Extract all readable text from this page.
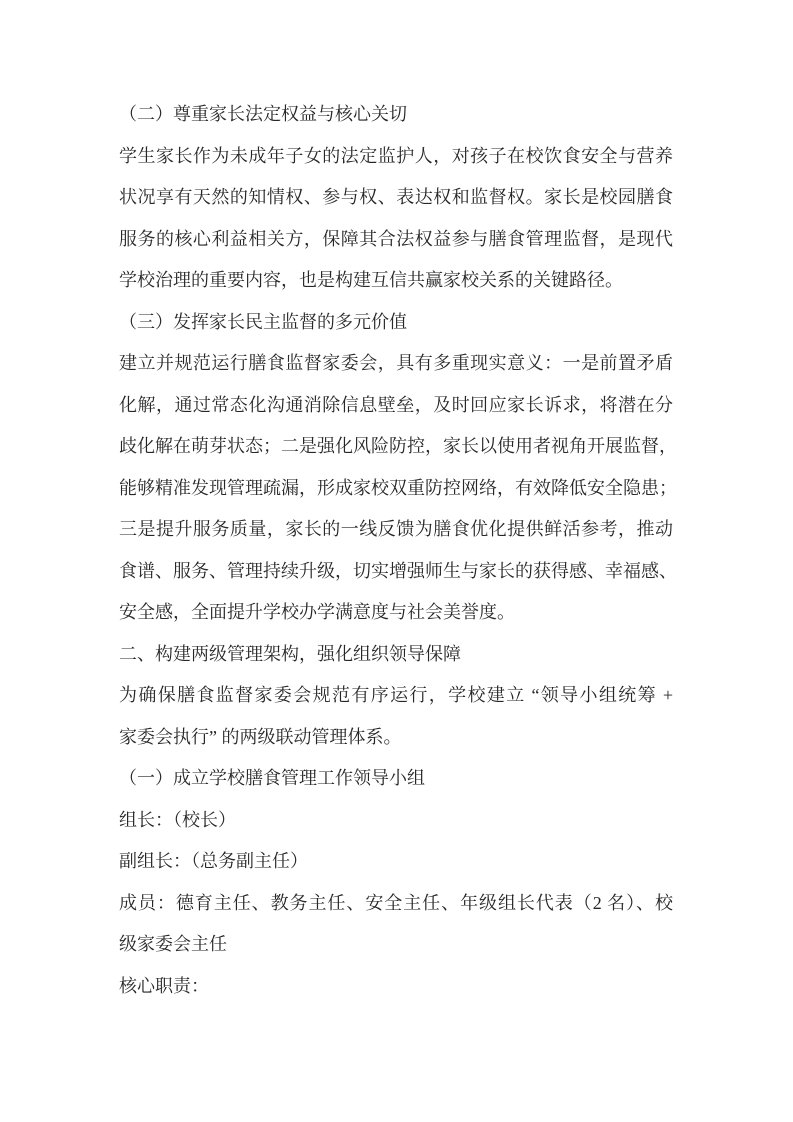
（二）尊重家长法定权益与核心关切
学生家长作为未成年子女的法定监护人，对孩子在校饮食安全与营养
状况享有天然的知情权、参与权、表达权和监督权。家长是校园膳食
服务的核心利益相关方，保障其合法权益参与膳食管理监督，是现代
学校治理的重要内容，也是构建互信共赢家校关系的关键路径。
（三）发挥家长民主监督的多元价值
建立并规范运行膳食监督家委会，具有多重现实意义：一是前置矛盾
化解，通过常态化沟通消除信息壁垒，及时回应家长诉求，将潜在分
歧化解在萌芽状态；二是强化风险防控，家长以使用者视角开展监督，
能够精准发现管理疏漏，形成家校双重防控网络，有效降低安全隐患；
三是提升服务质量，家长的一线反馈为膳食优化提供鲜活参考，推动
食谱、服务、管理持续升级，切实增强师生与家长的获得感、幸福感、
安全感，全面提升学校办学满意度与社会美誉度。
二、构建两级管理架构，强化组织领导保障
为确保膳食监督家委会规范有序运行，学校建立 “领导小组统筹 +
家委会执行” 的两级联动管理体系。
（一）成立学校膳食管理工作领导小组
组长：（校长）
副组长：（总务副主任）
成员：德育主任、教务主任、安全主任、年级组长代表（2 名）、校
级家委会主任
核心职责：
